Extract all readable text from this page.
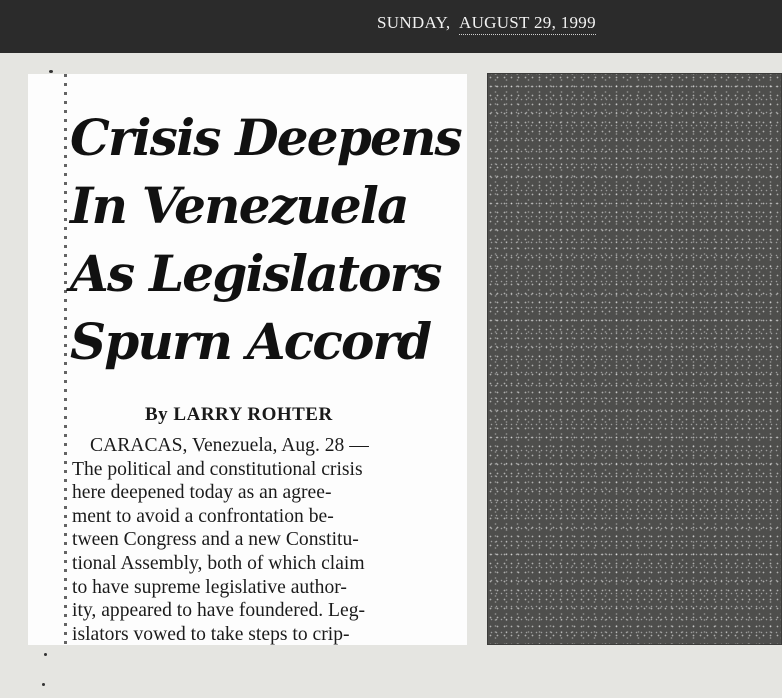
SUNDAY, AUGUST 29, 1999
Crisis Deepens
In Venezuela
As Legislators
Spurn Accord
By LARRY ROHTER
CARACAS, Venezuela, Aug. 28 —
The political and constitutional crisis
here deepened today as an agree-
ment to avoid a confrontation be-
tween Congress and a new Constitu-
tional Assembly, both of which claim
to have supreme legislative author-
ity, appeared to have foundered. Leg-
islators vowed to take steps to crip-
